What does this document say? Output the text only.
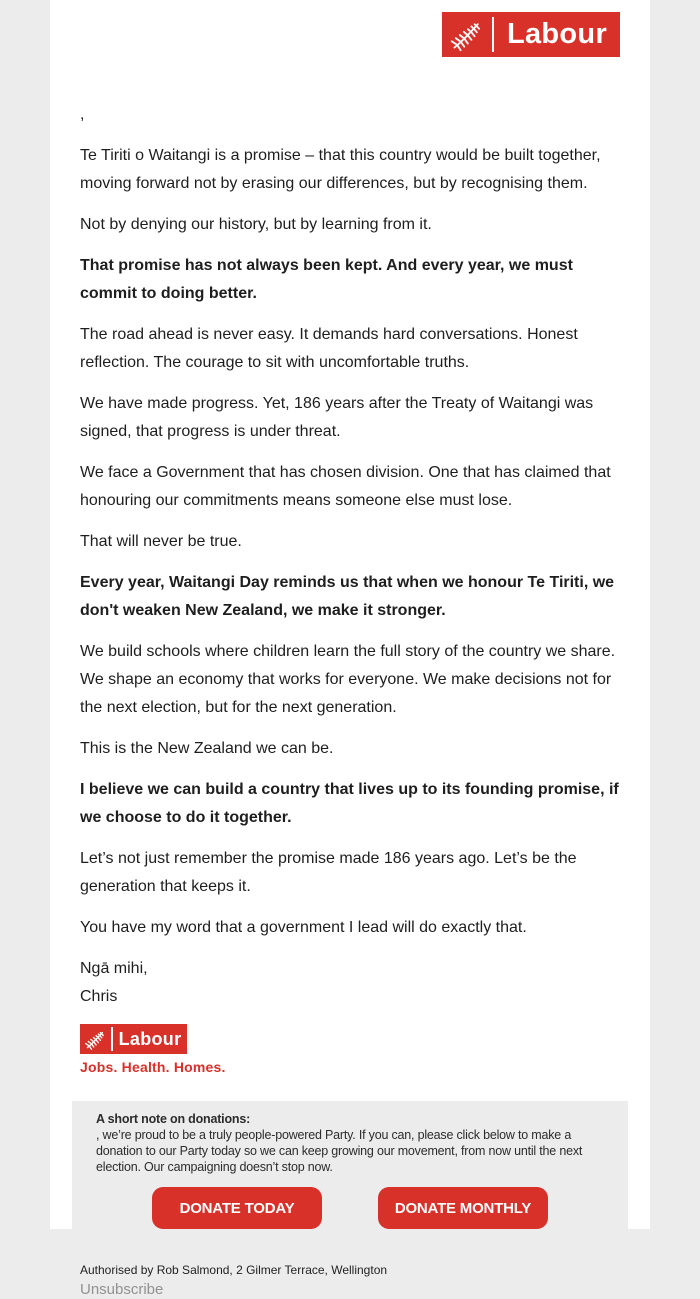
Labour

,

Te Tiriti o Waitangi is a promise – that this country would be built together, moving forward not by erasing our differences, but by recognising them.

Not by denying our history, but by learning from it.

That promise has not always been kept. And every year, we must commit to doing better.

The road ahead is never easy. It demands hard conversations. Honest reflection. The courage to sit with uncomfortable truths.

We have made progress. Yet, 186 years after the Treaty of Waitangi was signed, that progress is under threat.

We face a Government that has chosen division. One that has claimed that honouring our commitments means someone else must lose.

That will never be true.

Every year, Waitangi Day reminds us that when we honour Te Tiriti, we don't weaken New Zealand, we make it stronger.

We build schools where children learn the full story of the country we share. We shape an economy that works for everyone. We make decisions not for the next election, but for the next generation.

This is the New Zealand we can be.

I believe we can build a country that lives up to its founding promise, if we choose to do it together.

Let’s not just remember the promise made 186 years ago. Let’s be the generation that keeps it.

You have my word that a government I lead will do exactly that.

Ngā mihi,
Chris

Labour
Jobs. Health. Homes.
A short note on donations:
, we’re proud to be a truly people-powered Party. If you can, please click below to make a donation to our Party today so we can keep growing our movement, from now until the next election. Our campaigning doesn’t stop now.
DONATE TODAY	DONATE MONTHLY
Authorised by Rob Salmond, 2 Gilmer Terrace, Wellington
Unsubscribe
